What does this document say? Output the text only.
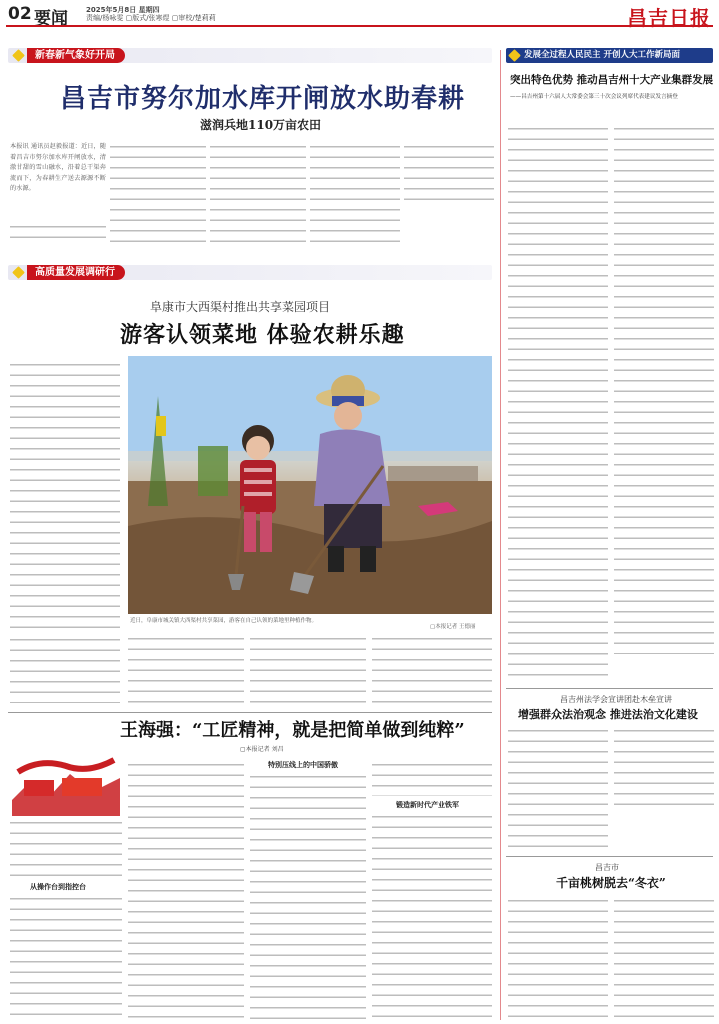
02 要闻	2025年5月8日 星期四
责编/杨咏雯 ▢版式/张寒煜 ▢审校/楚莉莉	昌吉日报
新春新气象好开局
昌吉市努尔加水库开闸放水助春耕
滋润兵地110万亩农田
本报讯 通讯员赵毅报道：近日，随着昌吉市努尔加水库开闸放水，清澈甘甜的雪山融水，沿着总干渠奔流而下，为春耕生产送去源源不断的水源。
高质量发展调研行
阜康市大西渠村推出共享菜园项目
游客认领菜地 体验农耕乐趣
近日，阜康市城关镇大西渠村共享菜园，游客在自己认领的菜地里种植作物。
▢本报记者 王德丽
王海强：“工匠精神，就是把简单做到纯粹”
▢本报记者 刘昌
从操作台到指控台
特别压线上的中国骄傲
锻造新时代产业铁军
发展全过程人民民主 开创人大工作新局面
突出特色优势 推动昌吉州十大产业集群发展
——昌吉州第十六届人大常委会第三十次会议列席代表建议发言摘登
昌吉州法学会宣讲团赴木垒宣讲
增强群众法治观念 推进法治文化建设
昌吉市
千亩桃树脱去“冬衣”
